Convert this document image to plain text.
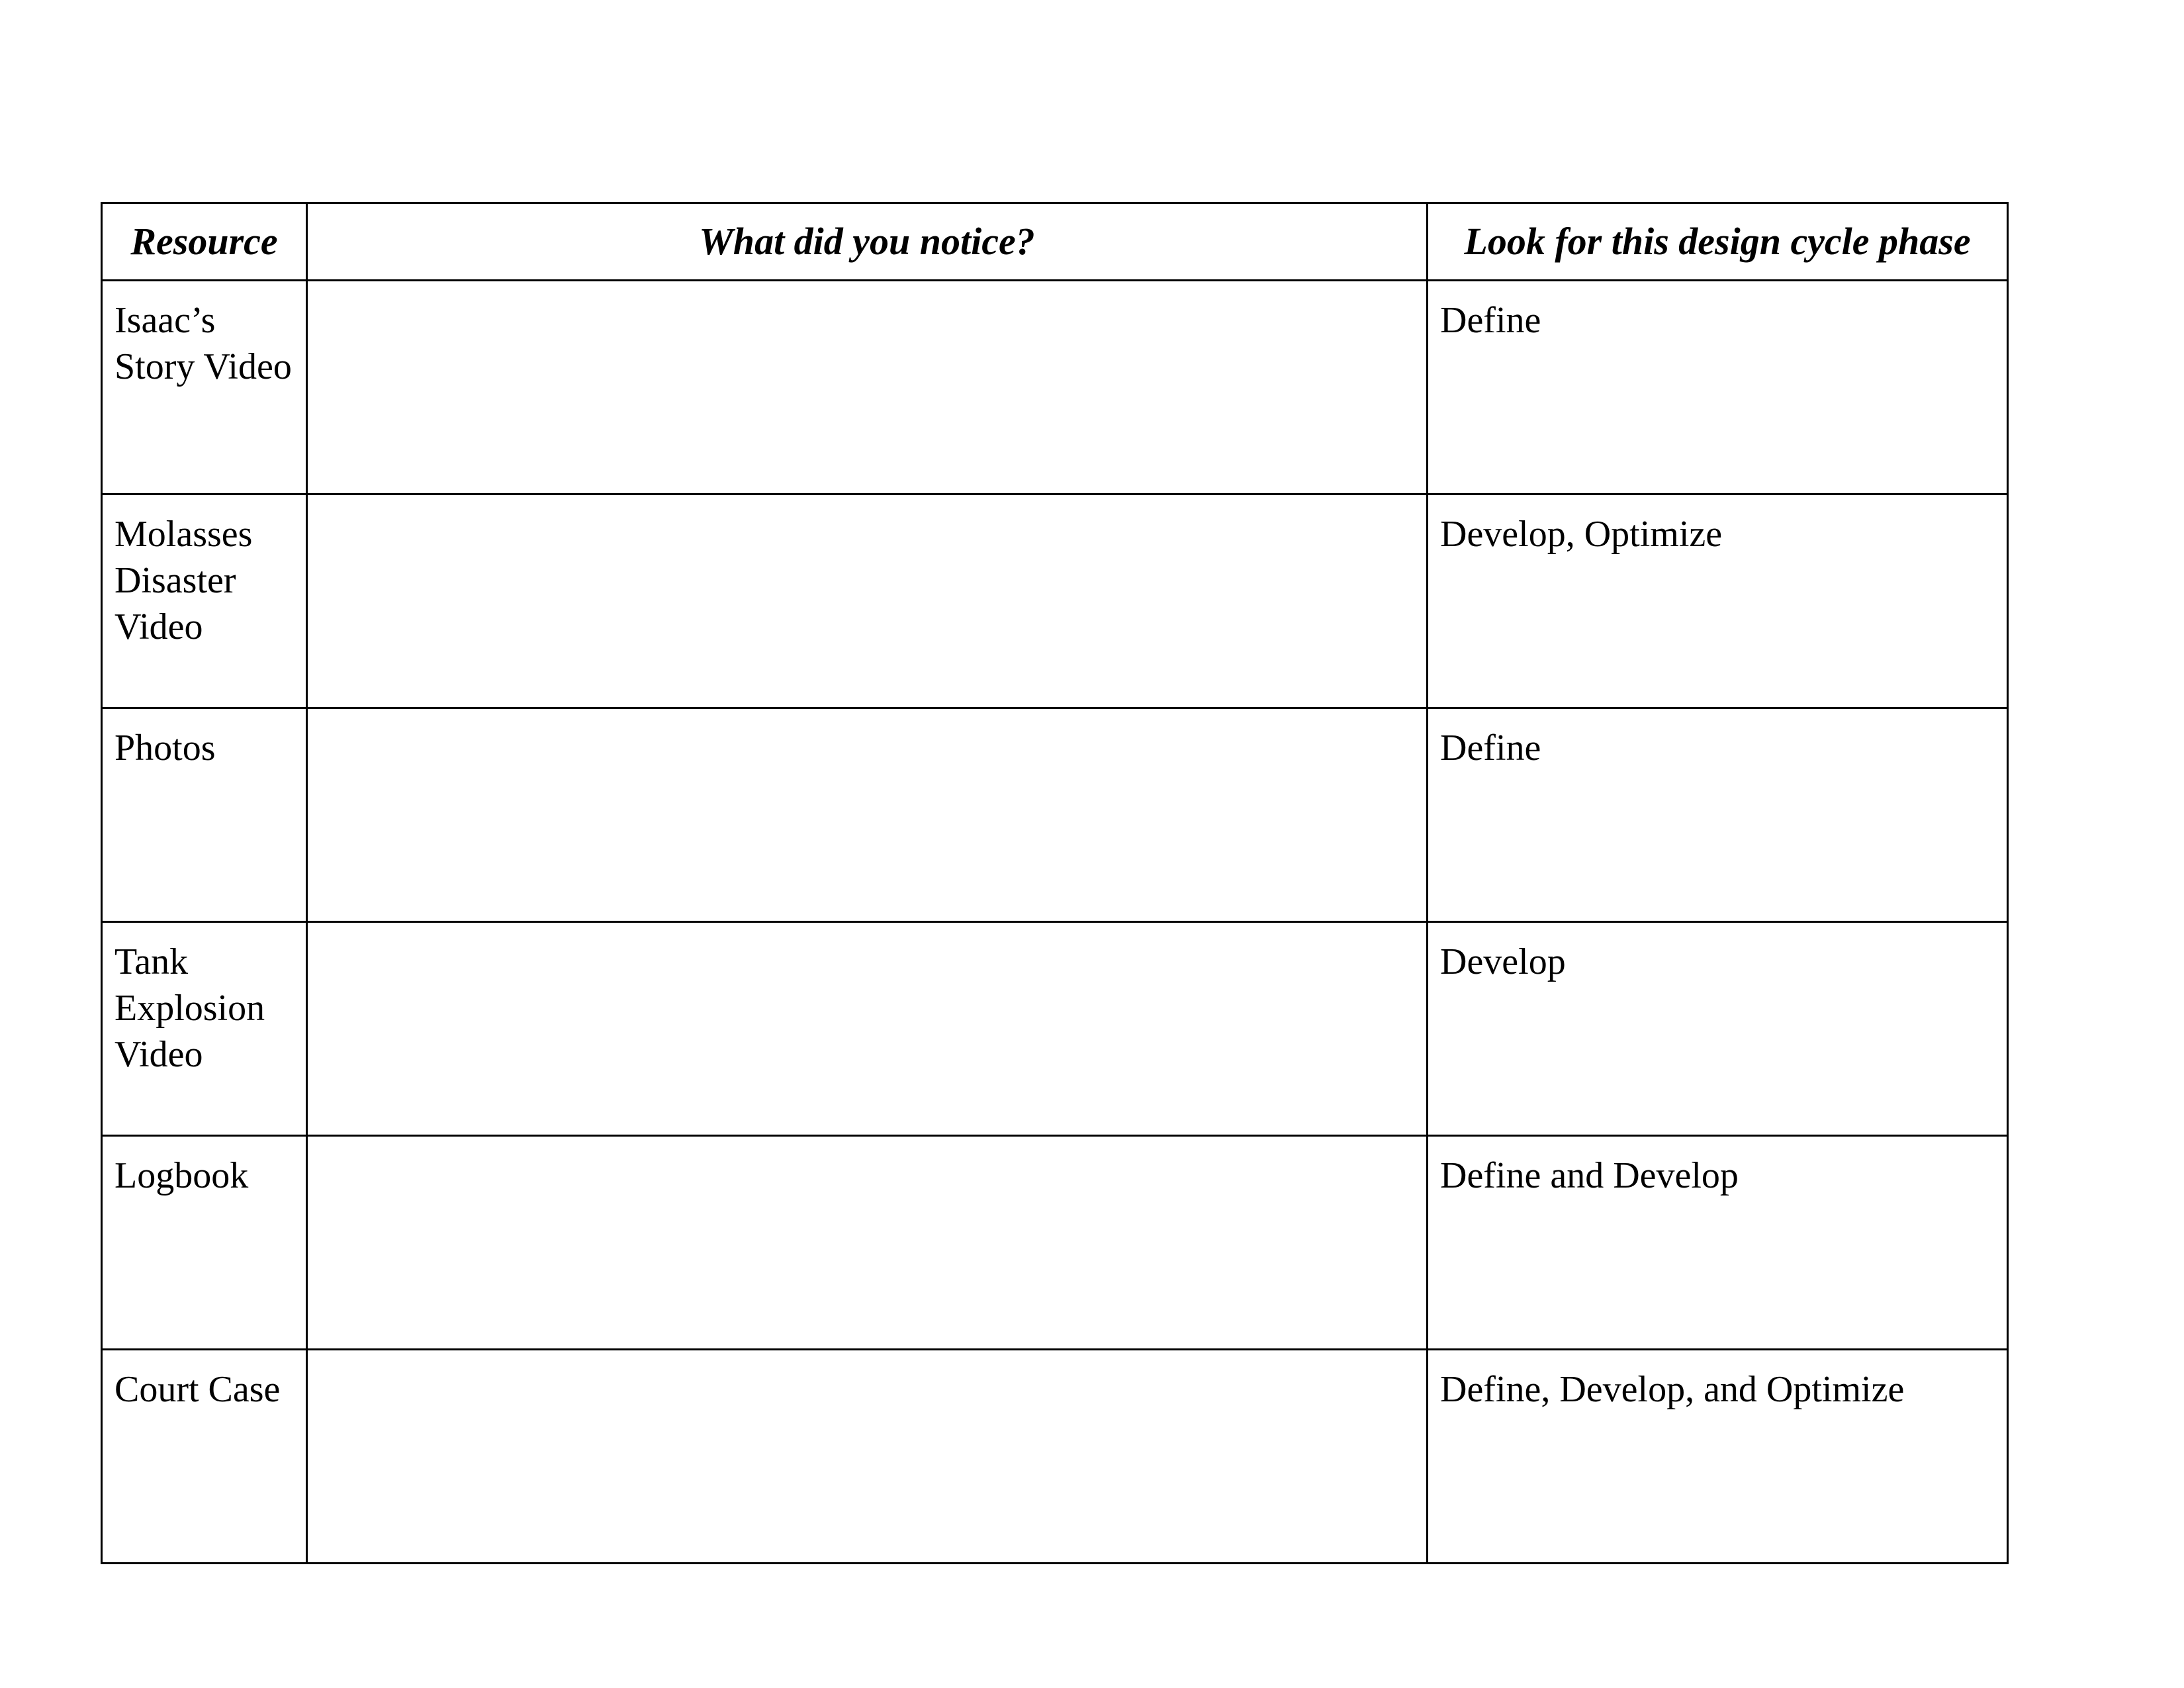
Resource	What did you notice?	Look for this design cycle phase

Isaac’s Story Video		Define

Molasses Disaster Video		Develop, Optimize

Photos		Define

Tank Explosion Video		Develop

Logbook		Define and Develop

Court Case		Define, Develop, and Optimize
